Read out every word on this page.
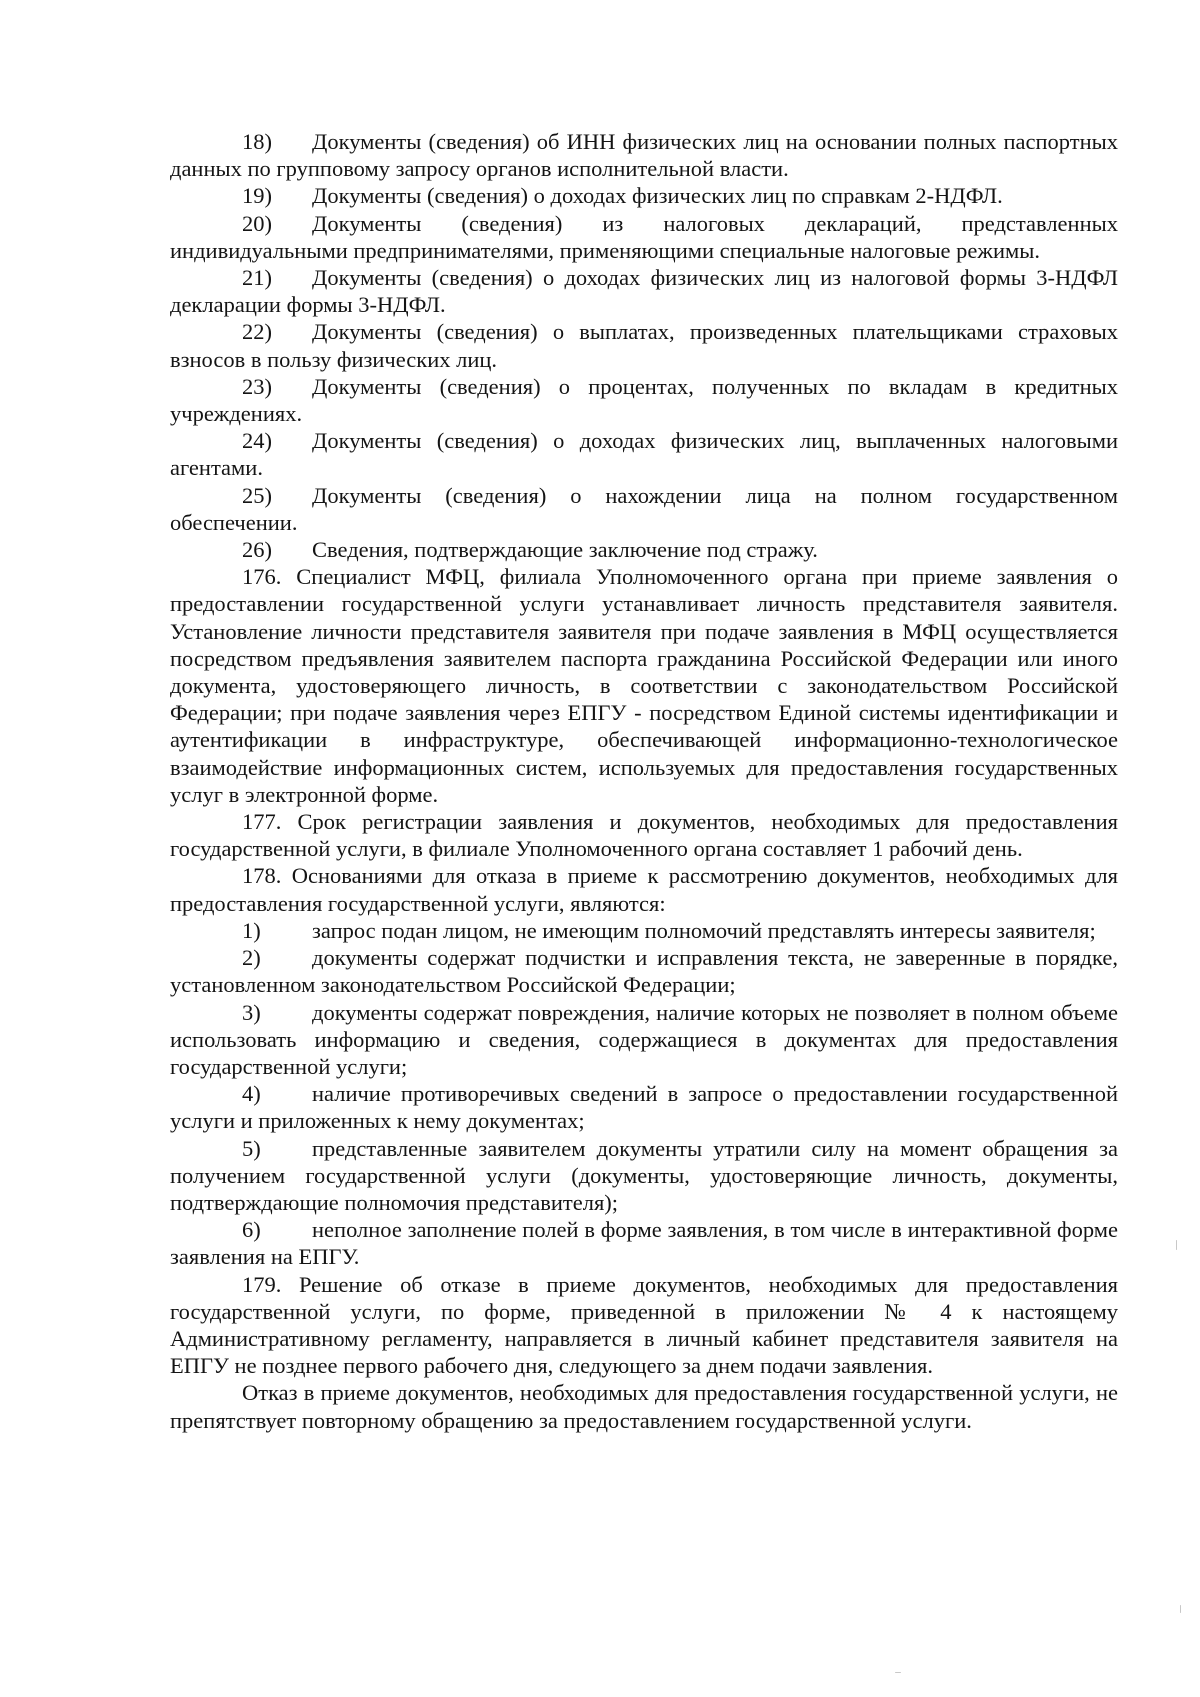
18) Документы (сведения) об ИНН физических лиц на основании полных паспортных данных по групповому запросу органов исполнительной власти.

19) Документы (сведения) о доходах физических лиц по справкам 2-НДФЛ.

20) Документы (сведения) из налоговых деклараций, представленных индивидуальными предпринимателями, применяющими специальные налоговые режимы.

21) Документы (сведения) о доходах физических лиц из налоговой формы 3-НДФЛ декларации формы 3-НДФЛ.

22) Документы (сведения) о выплатах, произведенных плательщиками страховых взносов в пользу физических лиц.

23) Документы (сведения) о процентах, полученных по вкладам в кредитных учреждениях.

24) Документы (сведения) о доходах физических лиц, выплаченных налоговыми агентами.

25) Документы (сведения) о нахождении лица на полном государственном обеспечении.

26) Сведения, подтверждающие заключение под стражу.

176. Специалист МФЦ, филиала Уполномоченного органа при приеме заявления о предоставлении государственной услуги устанавливает личность представителя заявителя. Установление личности представителя заявителя при подаче заявления в МФЦ осуществляется посредством предъявления заявителем паспорта гражданина Российской Федерации или иного документа, удостоверяющего личность, в соответствии с законодательством Российской Федерации; при подаче заявления через ЕПГУ - посредством Единой системы идентификации и аутентификации в инфраструктуре, обеспечивающей информационно-технологическое взаимодействие информационных систем, используемых для предоставления государственных услуг в электронной форме.

177. Срок регистрации заявления и документов, необходимых для предоставления государственной услуги, в филиале Уполномоченного органа составляет 1 рабочий день.

178. Основаниями для отказа в приеме к рассмотрению документов, необходимых для предоставления государственной услуги, являются:

1) запрос подан лицом, не имеющим полномочий представлять интересы заявителя;

2) документы содержат подчистки и исправления текста, не заверенные в порядке, установленном законодательством Российской Федерации;

3) документы содержат повреждения, наличие которых не позволяет в полном объеме использовать информацию и сведения, содержащиеся в документах для предоставления государственной услуги;

4) наличие противоречивых сведений в запросе о предоставлении государственной услуги и приложенных к нему документах;

5) представленные заявителем документы утратили силу на момент обращения за получением государственной услуги (документы, удостоверяющие личность, документы, подтверждающие полномочия представителя);

6) неполное заполнение полей в форме заявления, в том числе в интерактивной форме заявления на ЕПГУ.

179. Решение об отказе в приеме документов, необходимых для предоставления государственной услуги, по форме, приведенной в приложении № 4 к настоящему Административному регламенту, направляется в личный кабинет представителя заявителя на ЕПГУ не позднее первого рабочего дня, следующего за днем подачи заявления.

Отказ в приеме документов, необходимых для предоставления государственной услуги, не препятствует повторному обращению за предоставлением государственной услуги.
